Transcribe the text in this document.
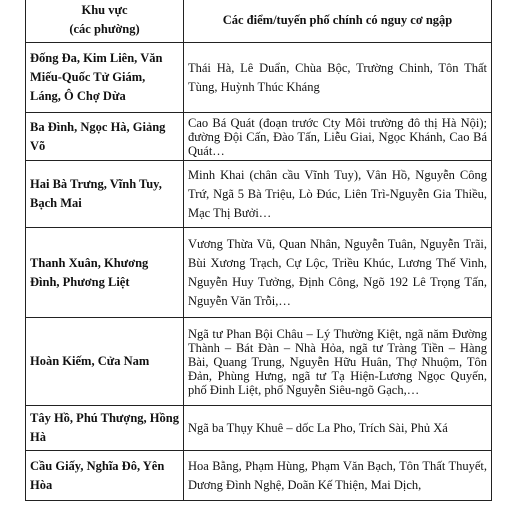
Khu vực
(các phường)	Các điểm/tuyến phố chính có nguy cơ ngập
Đống Đa, Kim Liên, Văn Miếu-Quốc Tử Giám, Láng, Ô Chợ Dừa	Thái Hà, Lê Duẩn, Chùa Bộc, Trường Chinh, Tôn Thất Tùng, Huỳnh Thúc Kháng
Ba Đình, Ngọc Hà, Giảng Võ	Cao Bá Quát (đoạn trước Cty Môi trường đô thị Hà Nội); đường Đội Cấn, Đào Tấn, Liễu Giai, Ngọc Khánh, Cao Bá Quát…
Hai Bà Trưng, Vĩnh Tuy, Bạch Mai	Minh Khai (chân cầu Vĩnh Tuy), Vân Hồ, Nguyễn Công Trứ, Ngã 5 Bà Triệu, Lò Đúc, Liên Trì-Nguyễn Gia Thiều, Mạc Thị Bưởi…
Thanh Xuân, Khương Đình, Phương Liệt	Vương Thừa Vũ, Quan Nhân, Nguyễn Tuân, Nguyễn Trãi, Bùi Xương Trạch, Cự Lộc, Triều Khúc, Lương Thế Vinh, Nguyễn Huy Tưởng, Định Công, Ngõ 192 Lê Trọng Tấn, Nguyễn Văn Trỗi,…
Hoàn Kiếm, Cửa Nam	Ngã tư Phan Bội Châu – Lý Thường Kiệt, ngã năm Đường Thành – Bát Đàn – Nhà Hỏa, ngã tư Tràng Tiền – Hàng Bài, Quang Trung, Nguyễn Hữu Huân, Thợ Nhuộm, Tôn Đản, Phùng Hưng, ngã tư Tạ Hiện-Lương Ngọc Quyến, phố Đinh Liệt, phố Nguyễn Siêu-ngõ Gạch,…
Tây Hồ, Phú Thượng, Hồng Hà	Ngã ba Thụy Khuê – dốc La Pho, Trích Sài, Phủ Xá
Cầu Giấy, Nghĩa Đô, Yên Hòa	Hoa Bằng, Phạm Hùng, Phạm Văn Bạch, Tôn Thất Thuyết, Dương Đình Nghệ, Doãn Kế Thiện, Mai Dịch,
